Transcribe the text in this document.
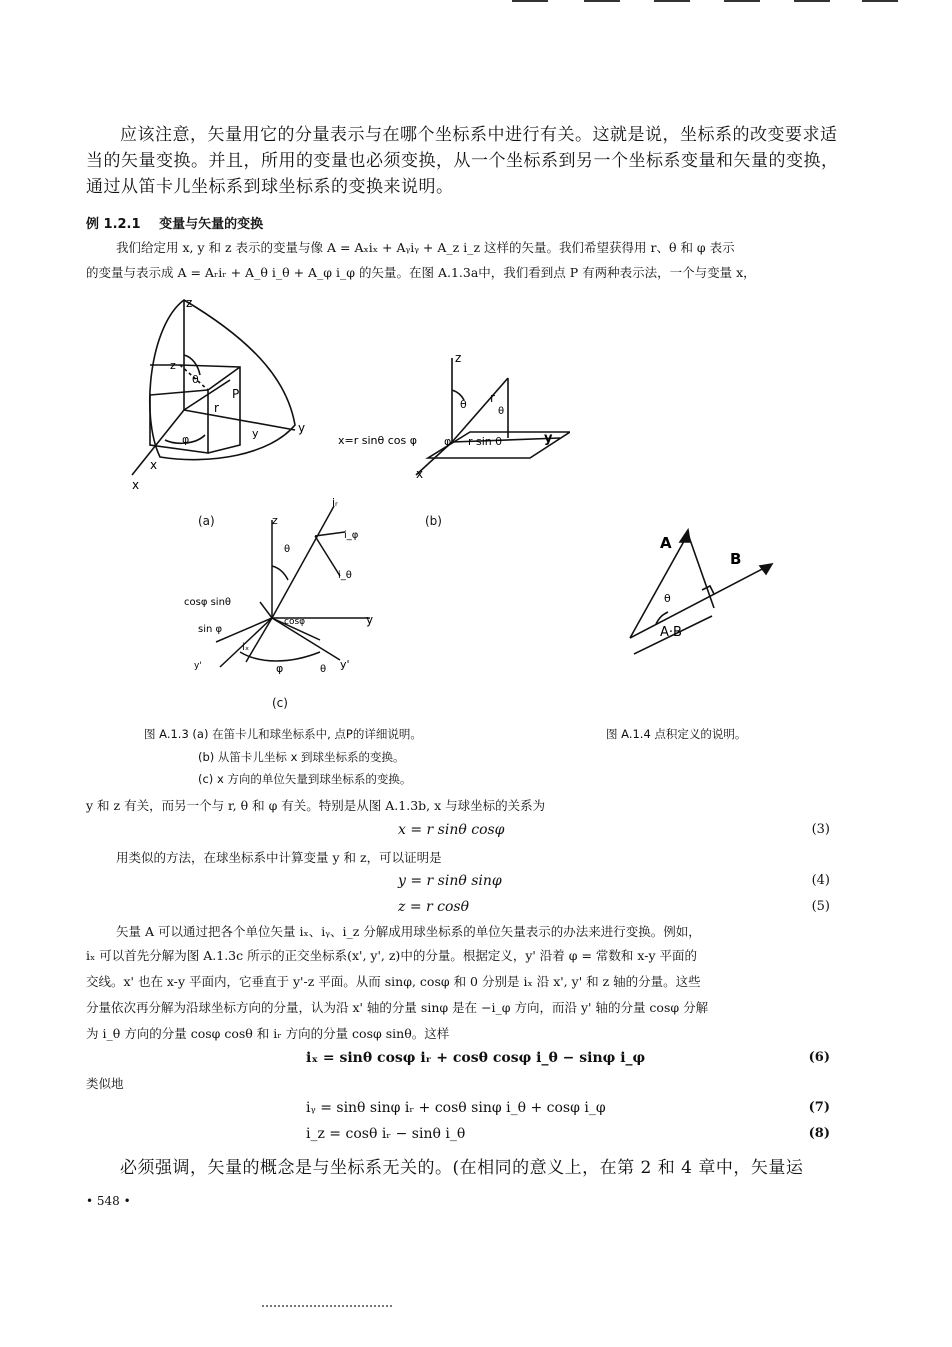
应该注意，矢量用它的分量表示与在哪个坐标系中进行有关。这就是说，坐标系的改变要求适当的矢量变换。并且，所用的变量也必须变换，从一个坐标系到另一个坐标系变量和矢量的变换，通过从笛卡儿坐标系到球坐标系的变换来说明。
例 1.2.1 变量与矢量的变换
我们给定用 x, y 和 z 表示的变量与像 A = Aₓiₓ + Aᵧiᵧ + A_z i_z 这样的矢量。我们希望获得用 r、θ 和 φ 表示
的变量与表示成 A = Aᵣiᵣ + A_θ i_θ + A_φ i_φ 的矢量。在图 A.1.3a中，我们看到点 P 有两种表示法，一个与变量 x，
z
y
x
x
P
r
θ
φ
z
y
z
y
x
r
θ
θ
φ
x=r sinθ cos φ	r sin θ
(a)	(b)
z
y
iᵣ
i_φ
i_θ
θ
θ
φ
cosφ sinθ
sin φ
cosφ
iₓ
y'	y'
(c)
A
B
θ
A·B
图 A.1.3 (a) 在笛卡儿和球坐标系中, 点P的详细说明。
(b) 从笛卡儿坐标 x 到球坐标系的变换。
(c) x 方向的单位矢量到球坐标系的变换。
图 A.1.4 点积定义的说明。
y 和 z 有关，而另一个与 r, θ 和 φ 有关。特别是从图 A.1.3b, x 与球坐标的关系为
x = r sinθ cosφ	(3)
用类似的方法，在球坐标系中计算变量 y 和 z，可以证明是
y = r sinθ sinφ	(4)
z = r cosθ	(5)
矢量 A 可以通过把各个单位矢量 iₓ、iᵧ、i_z 分解成用球坐标系的单位矢量表示的办法来进行变换。例如，
iₓ 可以首先分解为图 A.1.3c 所示的正交坐标系(x', y', z)中的分量。根据定义，y' 沿着 φ = 常数和 x-y 平面的
交线。x' 也在 x-y 平面内，它垂直于 y'-z 平面。从而 sinφ, cosφ 和 0 分别是 iₓ 沿 x', y' 和 z 轴的分量。这些
分量依次再分解为沿球坐标方向的分量，认为沿 x' 轴的分量 sinφ 是在 −i_φ 方向，而沿 y' 轴的分量 cosφ 分解
为 i_θ 方向的分量 cosφ cosθ 和 iᵣ 方向的分量 cosφ sinθ。这样
iₓ = sinθ cosφ iᵣ + cosθ cosφ i_θ − sinφ i_φ	(6)
类似地
iᵧ = sinθ sinφ iᵣ + cosθ sinφ i_θ + cosφ i_φ	(7)
i_z = cosθ iᵣ − sinθ i_θ	(8)
必须强调，矢量的概念是与坐标系无关的。(在相同的意义上，在第 2 和 4 章中，矢量运
• 548 •
